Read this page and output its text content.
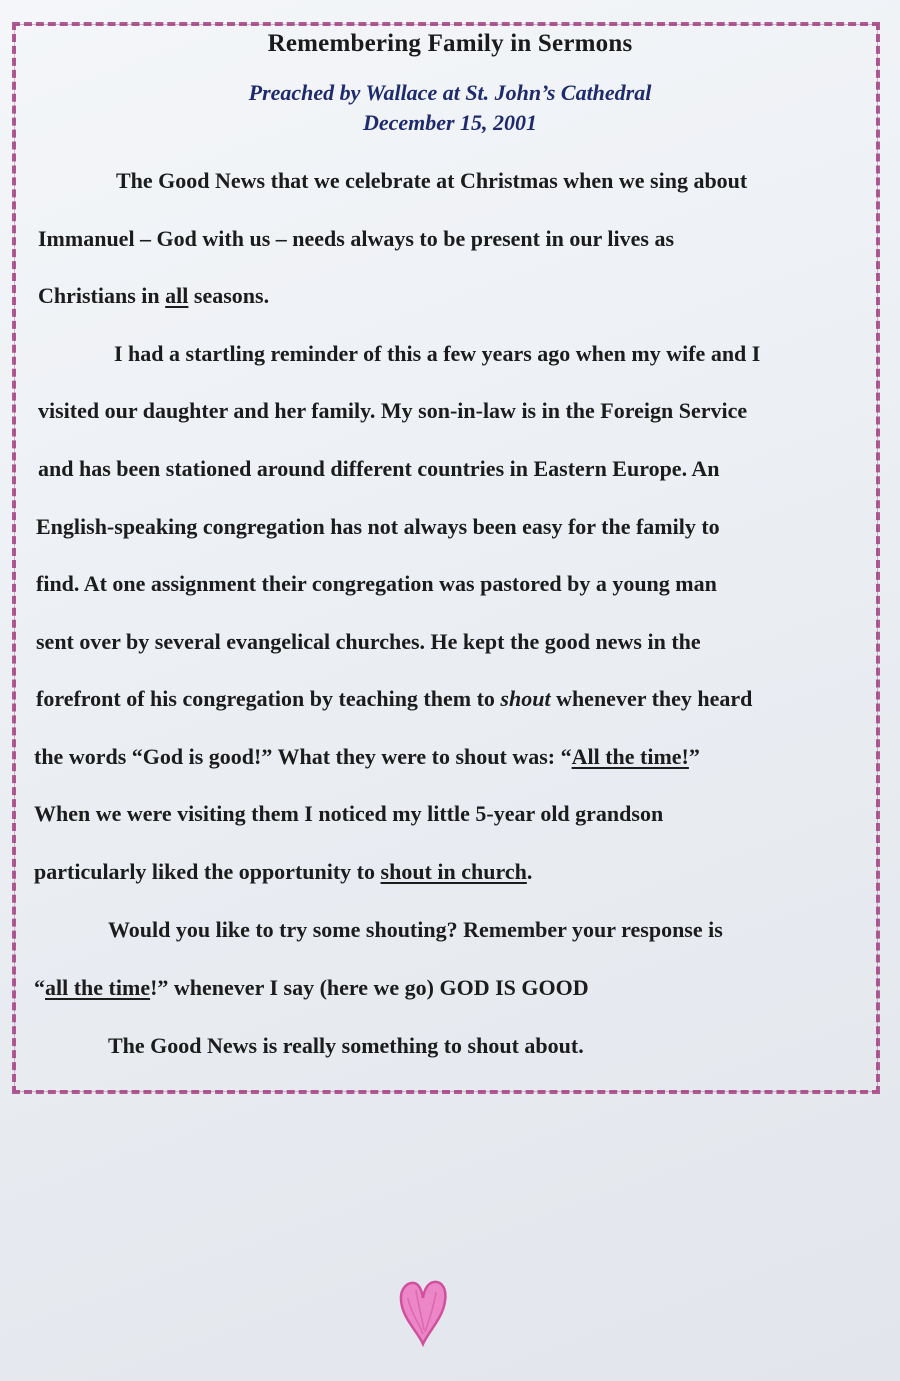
Remembering Family in Sermons
Preached by Wallace at St. John’s Cathedral
December 15, 2001
The Good News that we celebrate at Christmas when we sing about
Immanuel – God with us – needs always to be present in our lives as
Christians in all seasons.
I had a startling reminder of this a few years ago when my wife and I
visited our daughter and her family. My son-in-law is in the Foreign Service
and has been stationed around different countries in Eastern Europe. An
English-speaking congregation has not always been easy for the family to
find. At one assignment their congregation was pastored by a young man
sent over by several evangelical churches. He kept the good news in the
forefront of his congregation by teaching them to shout whenever they heard
the words “God is good!” What they were to shout was: “All the time!”
When we were visiting them I noticed my little 5-year old grandson
particularly liked the opportunity to shout in church.
Would you like to try some shouting? Remember your response is
“all the time!” whenever I say (here we go) GOD IS GOOD
The Good News is really something to shout about.
